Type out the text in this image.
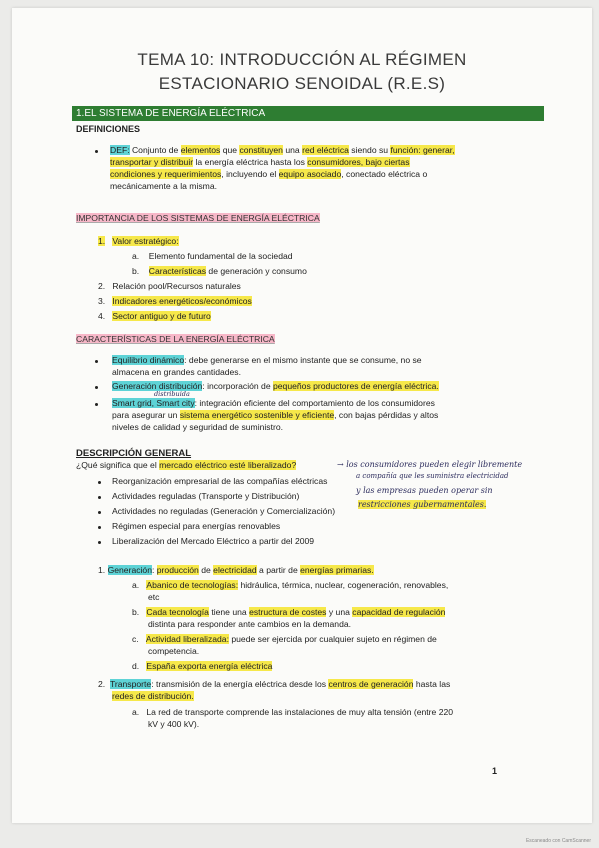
TEMA 10: INTRODUCCIÓN AL RÉGIMEN
ESTACIONARIO SENOIDAL (R.E.S)
1.EL SISTEMA DE ENERGÍA ELÉCTRICA
DEFINICIONES
DEF: Conjunto de elementos que constituyen una red eléctrica siendo su función: generar,
transportar y distribuir la energía eléctrica hasta los consumidores, bajo ciertas
condiciones y requerimientos, incluyendo el equipo asociado, conectado eléctrica o
mecánicamente a la misma.
IMPORTANCIA DE LOS SISTEMAS DE ENERGÍA ELÉCTRICA
1. Valor estratégico:
a. Elemento fundamental de la sociedad
b. Características de generación y consumo
2. Relación pool/Recursos naturales
3. Indicadores energéticos/económicos
4. Sector antiguo y de futuro
CARACTERÍSTICAS DE LA ENERGÍA ELÉCTRICA
Equilibrio dinámico: debe generarse en el mismo instante que se consume, no se
almacena en grandes cantidades.
Generación distribución: incorporación de pequeños productores de energía eléctrica.
distribuida
Smart grid, Smart city: integración eficiente del comportamiento de los consumidores
para asegurar un sistema energético sostenible y eficiente, con bajas pérdidas y altos
niveles de calidad y seguridad de suministro.
DESCRIPCIÓN GENERAL
¿Qué significa que el mercado eléctrico esté liberalizado?	→ los consumidores pueden elegir libremente
a compañía que les suministra electricidad
y las empresas pueden operar sin
restricciones gubernamentales.
Reorganización empresarial de las compañías eléctricas
Actividades reguladas (Transporte y Distribución)
Actividades no reguladas (Generación y Comercialización)
Régimen especial para energías renovables
Liberalización del Mercado Eléctrico a partir del 2009
1. Generación: producción de electricidad a partir de energías primarias.
a. Abanico de tecnologías: hidráulica, térmica, nuclear, cogeneración, renovables,
etc
b. Cada tecnología tiene una estructura de costes y una capacidad de regulación
distinta para responder ante cambios en la demanda.
c. Actividad liberalizada: puede ser ejercida por cualquier sujeto en régimen de
competencia.
d. España exporta energía eléctrica
2. Transporte: transmisión de la energía eléctrica desde los centros de generación hasta las
redes de distribución.
a. La red de transporte comprende las instalaciones de muy alta tensión (entre 220
kV y 400 kV).
1
Escaneado con CamScanner
